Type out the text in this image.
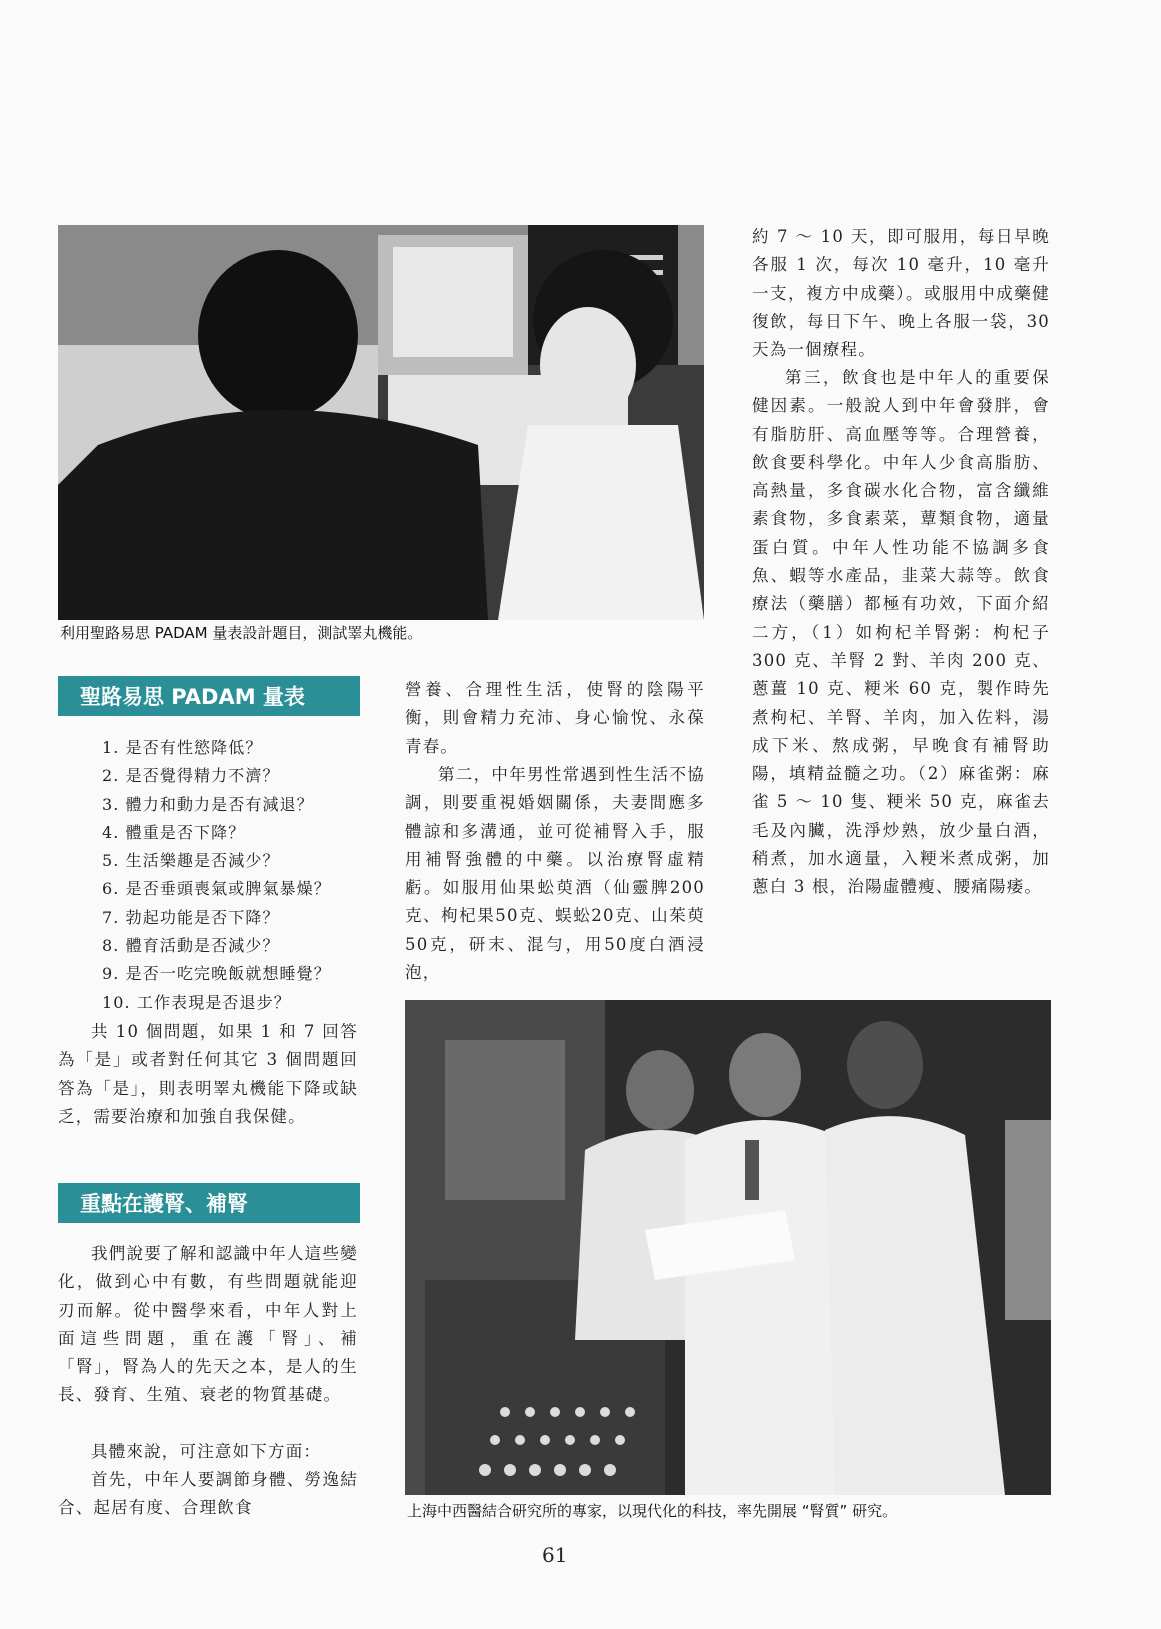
利用聖路易思 PADAM 量表設計題目，測試睪丸機能。
聖路易思 PADAM 量表
1. 是否有性慾降低？
2. 是否覺得精力不濟？
3. 體力和動力是否有減退？
4. 體重是否下降？
5. 生活樂趣是否減少？
6. 是否垂頭喪氣或脾氣暴燥？
7. 勃起功能是否下降？
8. 體育活動是否減少？
9. 是否一吃完晚飯就想睡覺？
10. 工作表現是否退步？

共 10 個問題，如果 1 和 7 回答為「是」或者對任何其它 3 個問題回答為「是」，則表明睪丸機能下降或缺乏，需要治療和加強自我保健。

重點在護腎、補腎

我們說要了解和認識中年人這些變化，做到心中有數，有些問題就能迎刃而解。從中醫學來看，中年人對上面這些問題，重在護「腎」、補「腎」，腎為人的先天之本，是人的生長、發育、生殖、衰老的物質基礎。

具體來說，可注意如下方面：

首先，中年人要調節身體、勞逸結合、起居有度、合理飲食

營養、合理性生活，使腎的陰陽平衡，則會精力充沛、身心愉悅、永葆青春。

第二，中年男性常遇到性生活不協調，則要重視婚姻關係，夫妻間應多體諒和多溝通，並可從補腎入手，服用補腎強體的中藥。以治療腎虛精虧。如服用仙果蚣萸酒（仙靈脾200克、枸杞果50克、蜈蚣20克、山茱萸50克，研末、混勻，用50度白酒浸泡，

約 7 ～ 10 天，即可服用，每日早晚各服 1 次，每次 10 毫升，10 毫升一支，複方中成藥）。或服用中成藥健復飲，每日下午、晚上各服一袋，30 天為一個療程。

第三，飲食也是中年人的重要保健因素。一般說人到中年會發胖，會有脂肪肝、高血壓等等。合理營養，飲食要科學化。中年人少食高脂肪、高熱量，多食碳水化合物，富含纖維素食物，多食素菜，蕈類食物，適量蛋白質。中年人性功能不協調多食魚、蝦等水產品，韭菜大蒜等。飲食療法（藥膳）都極有功效，下面介紹二方，（1）如枸杞羊腎粥：枸杞子 300 克、羊腎 2 對、羊肉 200 克、蔥薑 10 克、粳米 60 克，製作時先煮枸杞、羊腎、羊肉，加入佐料，湯成下米、熬成粥，早晚食有補腎助陽，填精益髓之功。（2）麻雀粥：麻雀 5 ～ 10 隻、粳米 50 克，麻雀去毛及內臟，洗淨炒熟，放少量白酒，稍煮，加水適量，入粳米煮成粥，加蔥白 3 根，治陽虛體瘦、腰痛陽痿。

上海中西醫結合研究所的專家，以現代化的科技，率先開展 “腎質” 研究。
61
